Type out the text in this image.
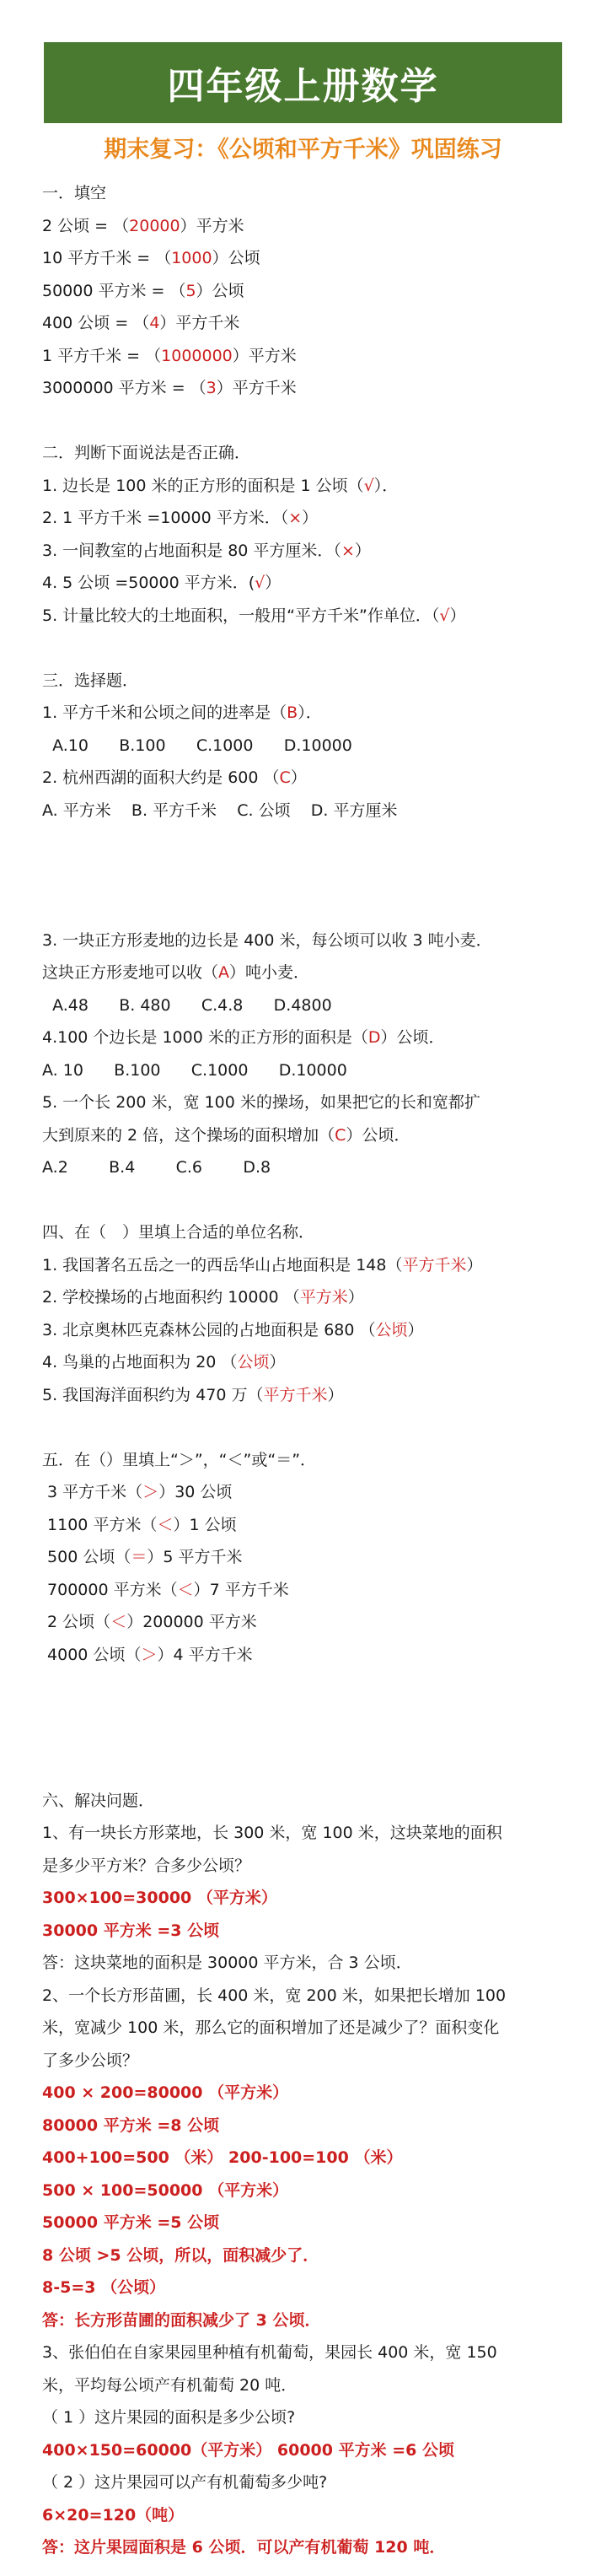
四年级上册数学
期末复习：《公顷和平方千米》巩固练习
一．填空
2 公顷 = （20000）平方米
10 平方千米 = （1000）公顷
50000 平方米 = （5）公顷
400 公顷 = （4）平方千米
1 平方千米 = （1000000）平方米
3000000 平方米 = （3）平方千米
二．判断下面说法是否正确．
1. 边长是 100 米的正方形的面积是 1 公顷（√）．
2. 1 平方千米 =10000 平方米．（×）
3. 一间教室的占地面积是 80 平方厘米．（×）
4. 5 公顷 =50000 平方米．(√）
5. 计量比较大的土地面积，一般用“平方千米”作单位．（√）
三．选择题．
1. 平方千米和公顷之间的进率是（B）．
A.10 B.100 C.1000 D.10000
2. 杭州西湖的面积大约是 600 （C）
A. 平方米 B. 平方千米 C. 公顷 D. 平方厘米
3. 一块正方形麦地的边长是 400 米，每公顷可以收 3 吨小麦．
这块正方形麦地可以收（A）吨小麦．
A.48 B. 480 C.4.8 D.4800
4.100 个边长是 1000 米的正方形的面积是（D）公顷．
A. 10 B.100 C.1000 D.10000
5. 一个长 200 米，宽 100 米的操场，如果把它的长和宽都扩
大到原来的 2 倍，这个操场的面积增加（C）公顷．
A.2	B.4	C.6	D.8
四、在（　）里填上合适的单位名称．
1. 我国著名五岳之一的西岳华山占地面积是 148（平方千米）
2. 学校操场的占地面积约 10000 （平方米）
3. 北京奥林匹克森林公园的占地面积是 680 （公顷）
4. 鸟巢的占地面积为 20 （公顷）
5. 我国海洋面积约为 470 万（平方千米）
五．在（）里填上“＞”，“＜”或“＝”．
3 平方千米（＞）30 公顷
1100 平方米（＜）1 公顷
500 公顷（＝）5 平方千米
700000 平方米（＜）7 平方千米
2 公顷（＜）200000 平方米
4000 公顷（＞）4 平方千米
六、解决问题．
1、有一块长方形菜地，长 300 米，宽 100 米，这块菜地的面积
是多少平方米？合多少公顷？
300×100=30000 （平方米）
30000 平方米 =3 公顷
答：这块菜地的面积是 30000 平方米，合 3 公顷．
2、一个长方形苗圃，长 400 米，宽 200 米，如果把长增加 100
米，宽减少 100 米，那么它的面积增加了还是减少了？面积变化
了多少公顷？
400 × 200=80000 （平方米）
80000 平方米 =8 公顷
400+100=500 （米） 200-100=100 （米）
500 × 100=50000 （平方米）
50000 平方米 =5 公顷
8 公顷 >5 公顷，所以，面积减少了．
8-5=3 （公顷）
答：长方形苗圃的面积减少了 3 公顷．
3、张伯伯在自家果园里种植有机葡萄，果园长 400 米，宽 150
米，平均每公顷产有机葡萄 20 吨．
（ 1 ）这片果园的面积是多少公顷?
400×150=60000（平方米） 60000 平方米 =6 公顷
（ 2 ）这片果园可以产有机葡萄多少吨?
6×20=120（吨）
答：这片果园面积是 6 公顷．可以产有机葡萄 120 吨．
